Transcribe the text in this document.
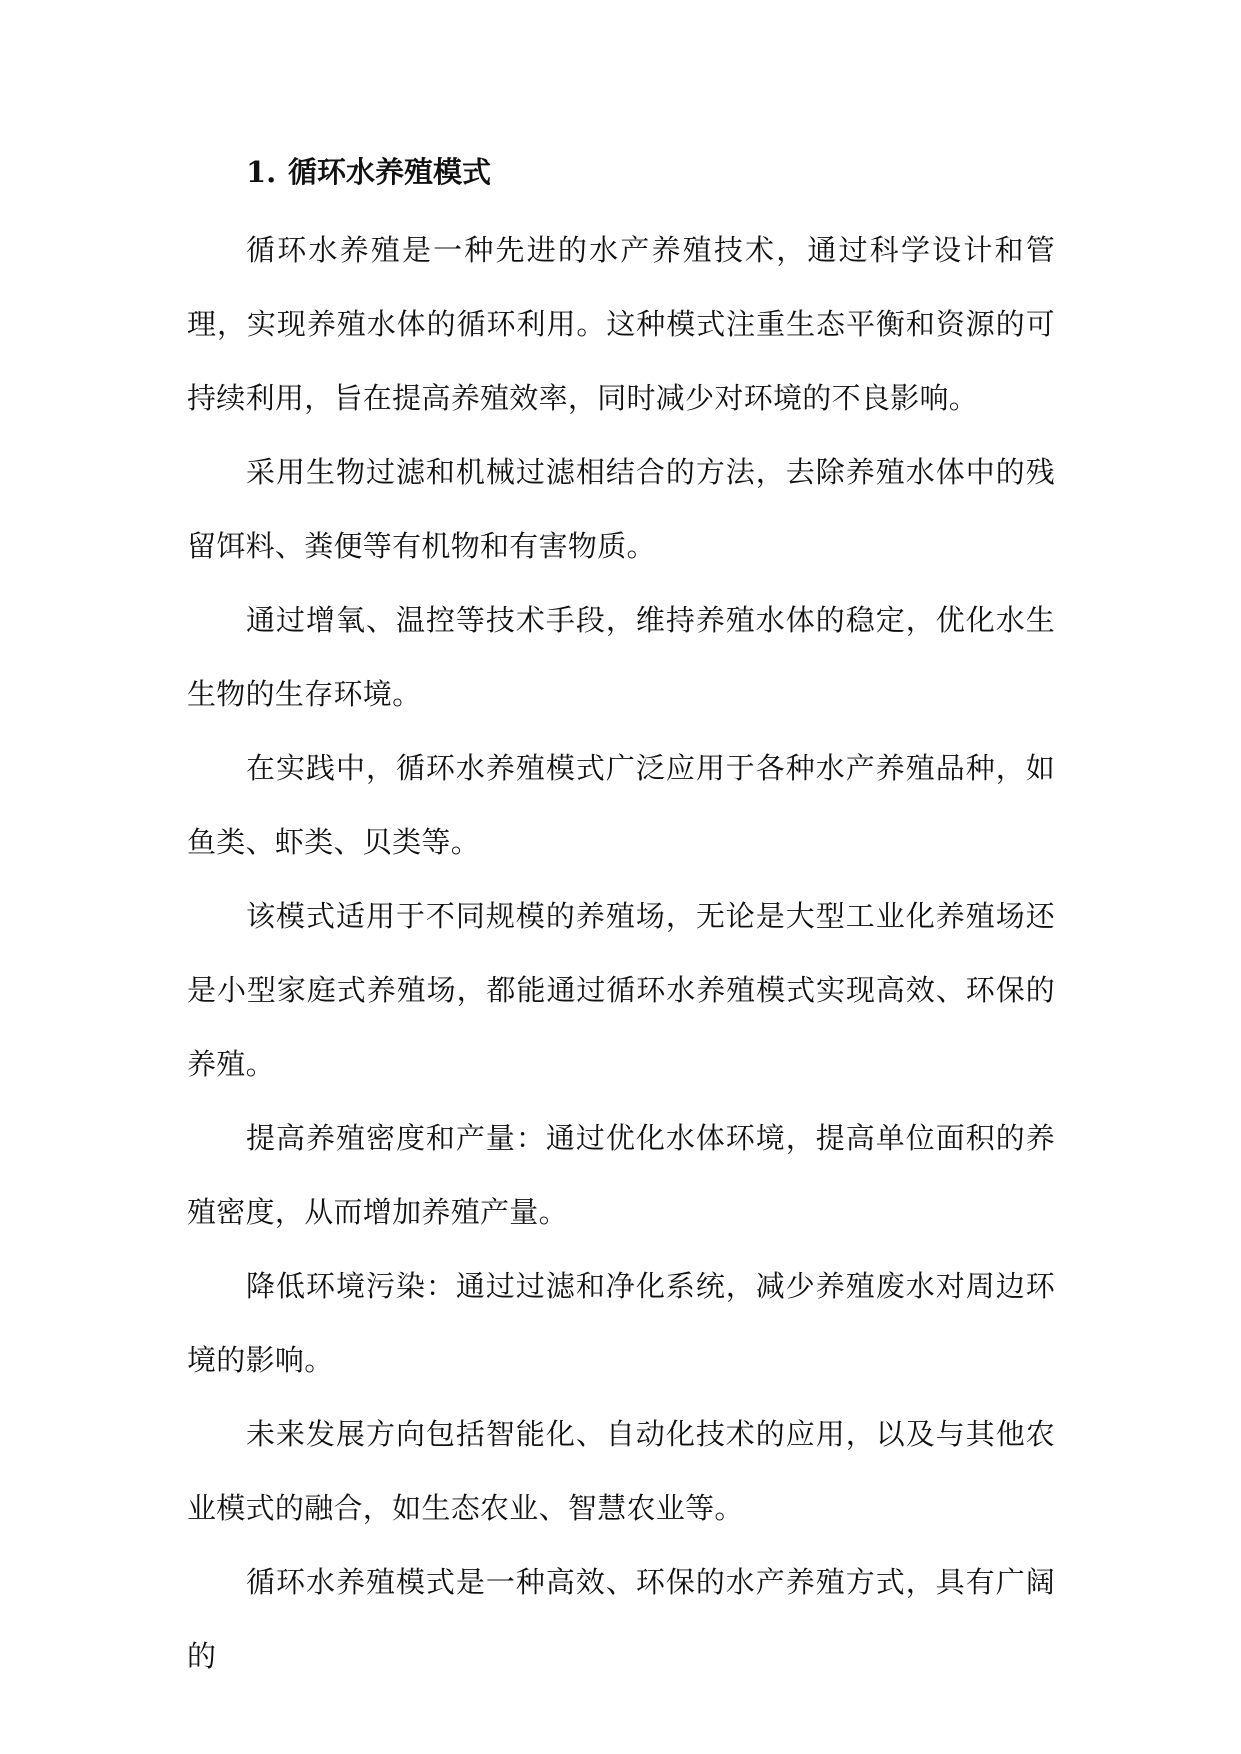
1. 循环水养殖模式

循环水养殖是一种先进的水产养殖技术，通过科学设计和管理，实现养殖水体的循环利用。这种模式注重生态平衡和资源的可持续利用，旨在提高养殖效率，同时减少对环境的不良影响。

采用生物过滤和机械过滤相结合的方法，去除养殖水体中的残留饵料、粪便等有机物和有害物质。

通过增氧、温控等技术手段，维持养殖水体的稳定，优化水生生物的生存环境。

在实践中，循环水养殖模式广泛应用于各种水产养殖品种，如鱼类、虾类、贝类等。

该模式适用于不同规模的养殖场，无论是大型工业化养殖场还是小型家庭式养殖场，都能通过循环水养殖模式实现高效、环保的养殖。

提高养殖密度和产量：通过优化水体环境，提高单位面积的养殖密度，从而增加养殖产量。

降低环境污染：通过过滤和净化系统，减少养殖废水对周边环境的影响。

未来发展方向包括智能化、自动化技术的应用，以及与其他农业模式的融合，如生态农业、智慧农业等。

循环水养殖模式是一种高效、环保的水产养殖方式，具有广阔的
